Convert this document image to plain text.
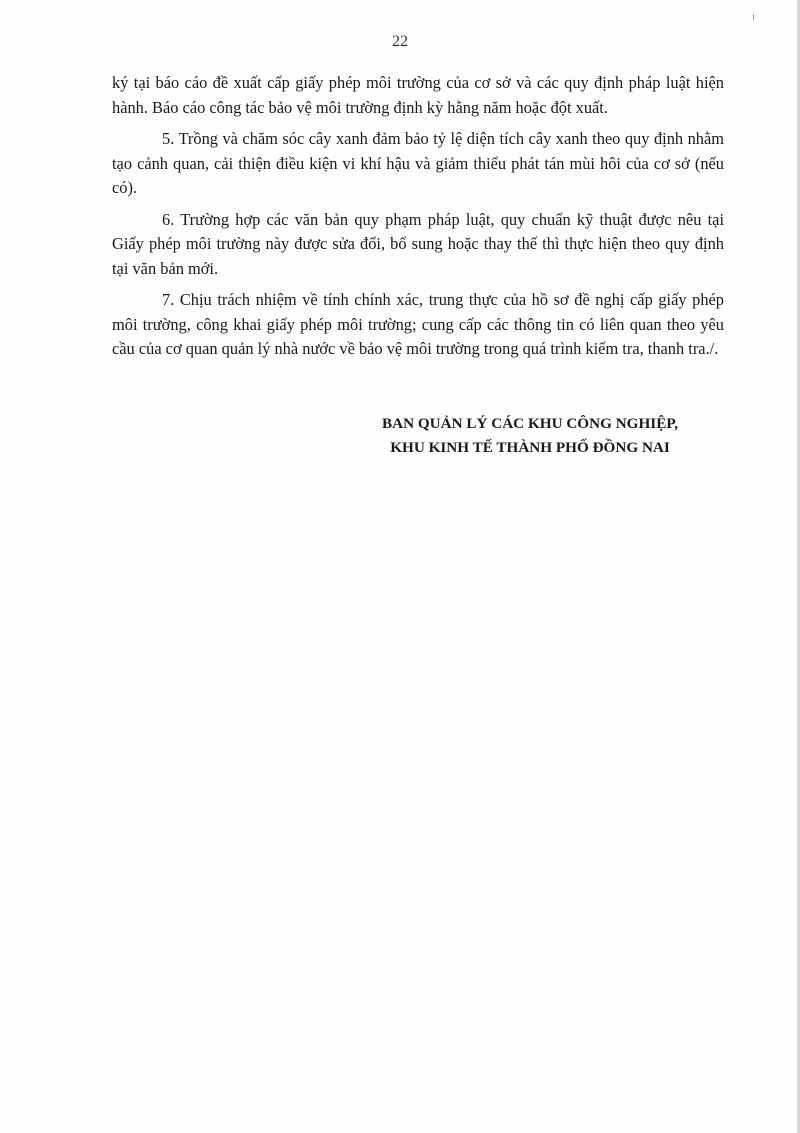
22

ký tại báo cáo đề xuất cấp giấy phép môi trường của cơ sở và các quy định pháp luật hiện hành. Báo cáo công tác bảo vệ môi trường định kỳ hằng năm hoặc đột xuất.

5. Trồng và chăm sóc cây xanh đảm bảo tỷ lệ diện tích cây xanh theo quy định nhằm tạo cảnh quan, cải thiện điều kiện vi khí hậu và giảm thiểu phát tán mùi hôi của cơ sở (nếu có).

6. Trường hợp các văn bản quy phạm pháp luật, quy chuẩn kỹ thuật được nêu tại Giấy phép môi trường này được sửa đổi, bổ sung hoặc thay thế thì thực hiện theo quy định tại văn bản mới.

7. Chịu trách nhiệm về tính chính xác, trung thực của hồ sơ đề nghị cấp giấy phép môi trường, công khai giấy phép môi trường; cung cấp các thông tin có liên quan theo yêu cầu của cơ quan quản lý nhà nước về bảo vệ môi trường trong quá trình kiểm tra, thanh tra./.

BAN QUẢN LÝ CÁC KHU CÔNG NGHIỆP,
KHU KINH TẾ THÀNH PHỐ ĐỒNG NAI
